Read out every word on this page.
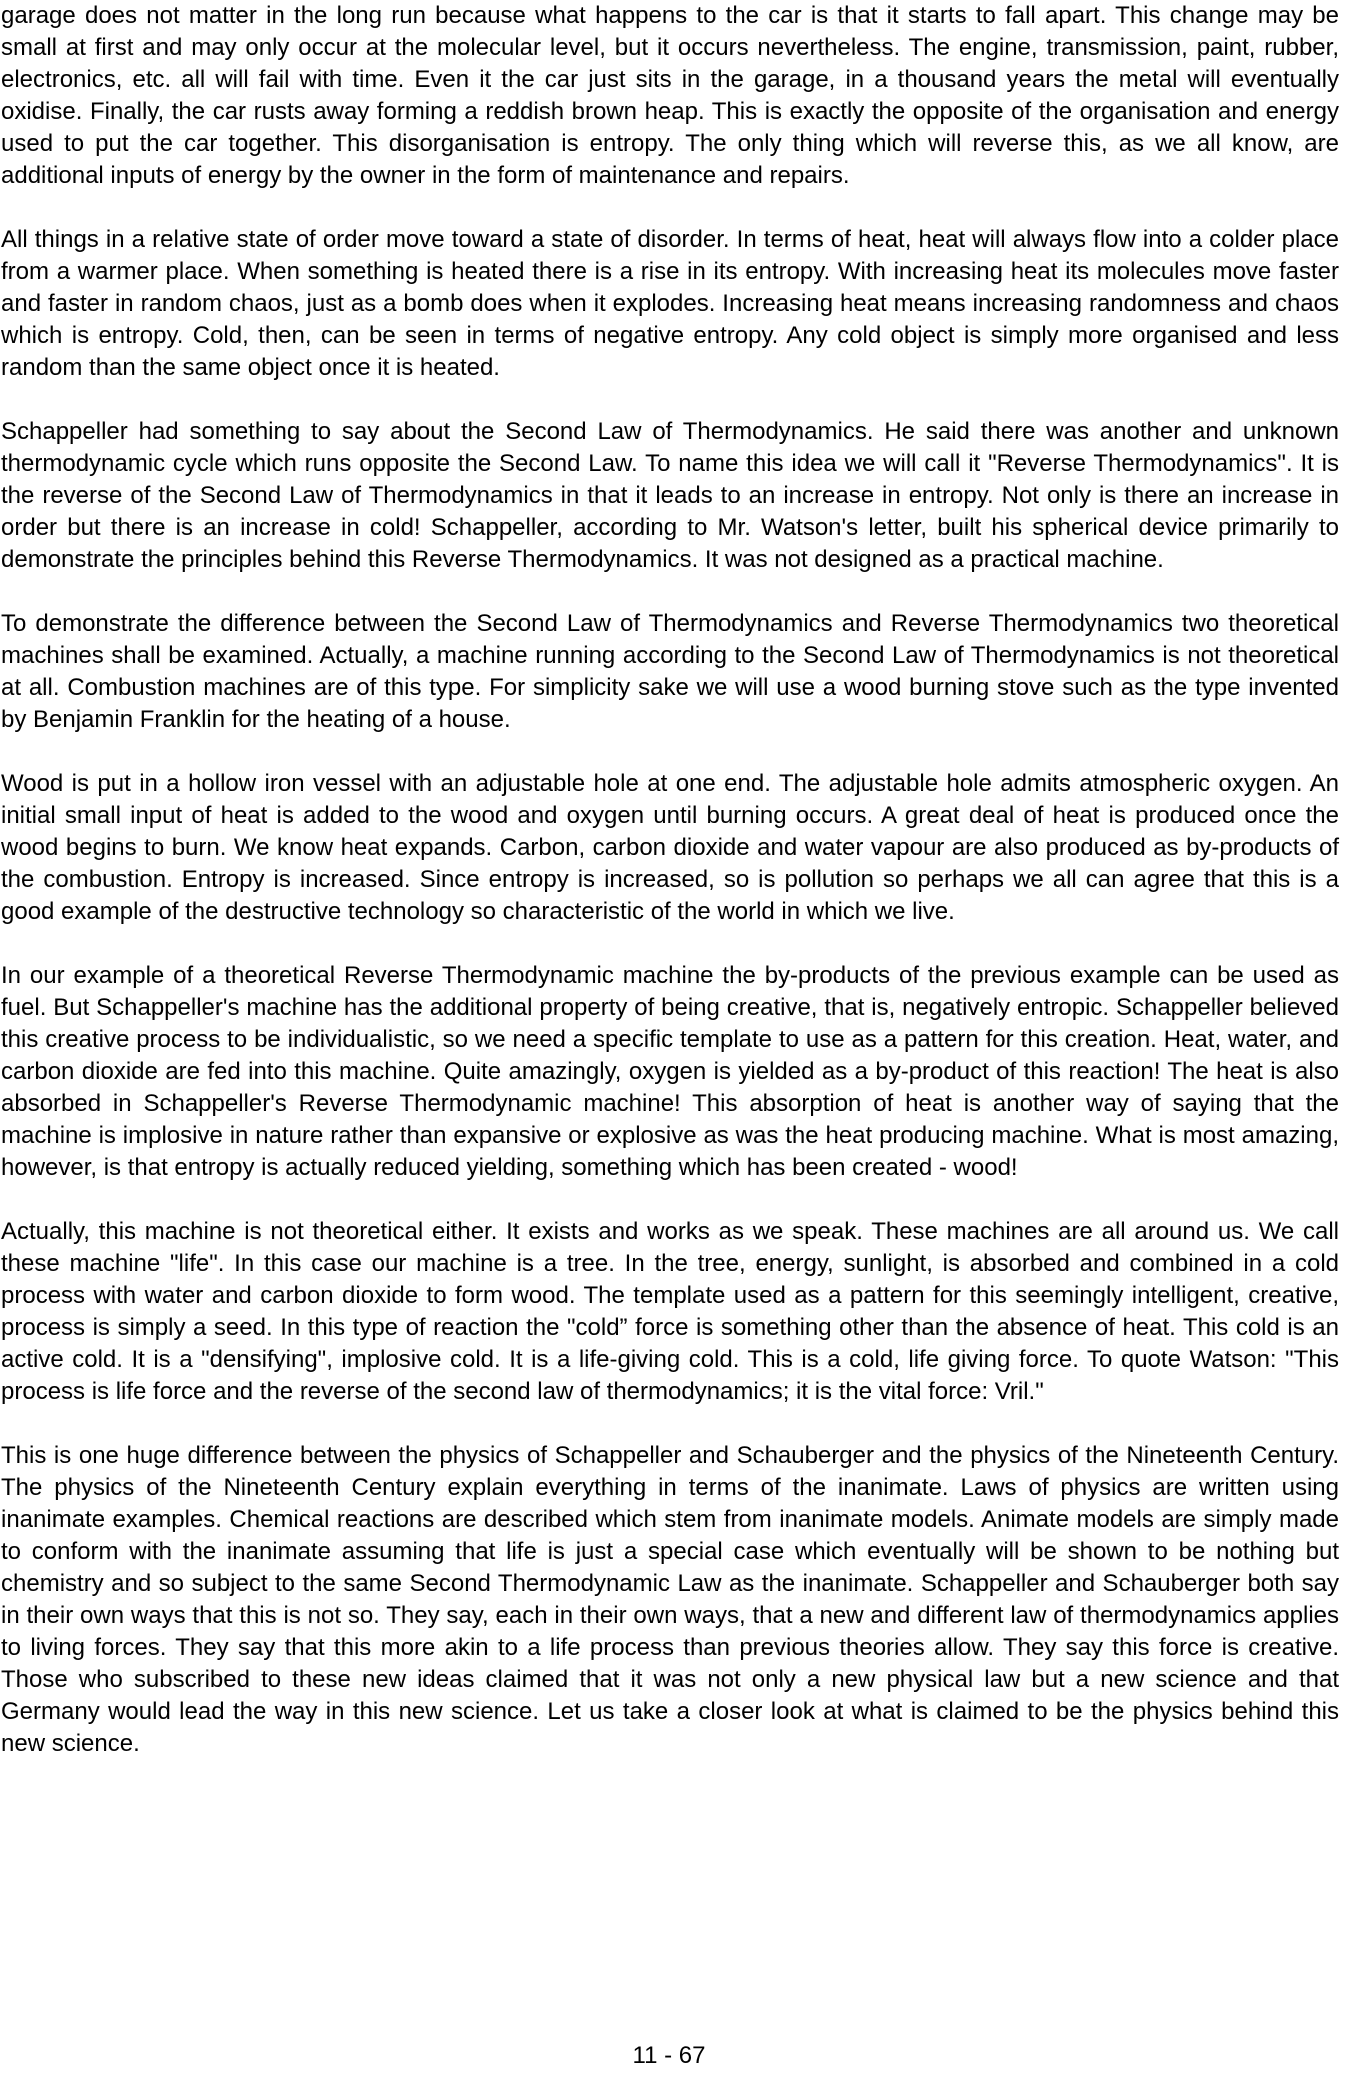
garage does not matter in the long run because what happens to the car is that it starts to fall apart. This change may be small at first and may only occur at the molecular level, but it occurs nevertheless. The engine, transmission, paint, rubber, electronics, etc. all will fail with time. Even it the car just sits in the garage, in a thousand years the metal will eventually oxidise. Finally, the car rusts away forming a reddish brown heap. This is exactly the opposite of the organisation and energy used to put the car together. This disorganisation is entropy. The only thing which will reverse this, as we all know, are additional inputs of energy by the owner in the form of maintenance and repairs.

All things in a relative state of order move toward a state of disorder. In terms of heat, heat will always flow into a colder place from a warmer place. When something is heated there is a rise in its entropy. With increasing heat its molecules move faster and faster in random chaos, just as a bomb does when it explodes. Increasing heat means increasing randomness and chaos which is entropy. Cold, then, can be seen in terms of negative entropy. Any cold object is simply more organised and less random than the same object once it is heated.

Schappeller had something to say about the Second Law of Thermodynamics. He said there was another and unknown thermodynamic cycle which runs opposite the Second Law. To name this idea we will call it "Reverse Thermodynamics". It is the reverse of the Second Law of Thermodynamics in that it leads to an increase in entropy. Not only is there an increase in order but there is an increase in cold! Schappeller, according to Mr. Watson's letter, built his spherical device primarily to demonstrate the principles behind this Reverse Thermodynamics. It was not designed as a practical machine.

To demonstrate the difference between the Second Law of Thermodynamics and Reverse Thermodynamics two theoretical machines shall be examined. Actually, a machine running according to the Second Law of Thermodynamics is not theoretical at all. Combustion machines are of this type. For simplicity sake we will use a wood burning stove such as the type invented by Benjamin Franklin for the heating of a house.

Wood is put in a hollow iron vessel with an adjustable hole at one end. The adjustable hole admits atmospheric oxygen. An initial small input of heat is added to the wood and oxygen until burning occurs. A great deal of heat is produced once the wood begins to burn. We know heat expands. Carbon, carbon dioxide and water vapour are also produced as by-products of the combustion. Entropy is increased. Since entropy is increased, so is pollution so perhaps we all can agree that this is a good example of the destructive technology so characteristic of the world in which we live.

In our example of a theoretical Reverse Thermodynamic machine the by-products of the previous example can be used as fuel. But Schappeller's machine has the additional property of being creative, that is, negatively entropic. Schappeller believed this creative process to be individualistic, so we need a specific template to use as a pattern for this creation. Heat, water, and carbon dioxide are fed into this machine. Quite amazingly, oxygen is yielded as a by-product of this reaction! The heat is also absorbed in Schappeller's Reverse Thermodynamic machine! This absorption of heat is another way of saying that the machine is implosive in nature rather than expansive or explosive as was the heat producing machine. What is most amazing, however, is that entropy is actually reduced yielding, something which has been created - wood!

Actually, this machine is not theoretical either. It exists and works as we speak. These machines are all around us. We call these machine "life". In this case our machine is a tree. In the tree, energy, sunlight, is absorbed and combined in a cold process with water and carbon dioxide to form wood. The template used as a pattern for this seemingly intelligent, creative, process is simply a seed. In this type of reaction the "cold” force is something other than the absence of heat. This cold is an active cold. It is a "densifying", implosive cold. It is a life-giving cold. This is a cold, life giving force. To quote Watson: "This process is life force and the reverse of the second law of thermodynamics; it is the vital force: Vril."

This is one huge difference between the physics of Schappeller and Schauberger and the physics of the Nineteenth Century. The physics of the Nineteenth Century explain everything in terms of the inanimate. Laws of physics are written using inanimate examples. Chemical reactions are described which stem from inanimate models. Animate models are simply made to conform with the inanimate assuming that life is just a special case which eventually will be shown to be nothing but chemistry and so subject to the same Second Thermodynamic Law as the inanimate. Schappeller and Schauberger both say in their own ways that this is not so. They say, each in their own ways, that a new and different law of thermodynamics applies to living forces. They say that this more akin to a life process than previous theories allow. They say this force is creative. Those who subscribed to these new ideas claimed that it was not only a new physical law but a new science and that Germany would lead the way in this new science. Let us take a closer look at what is claimed to be the physics behind this new science.

11 - 67
